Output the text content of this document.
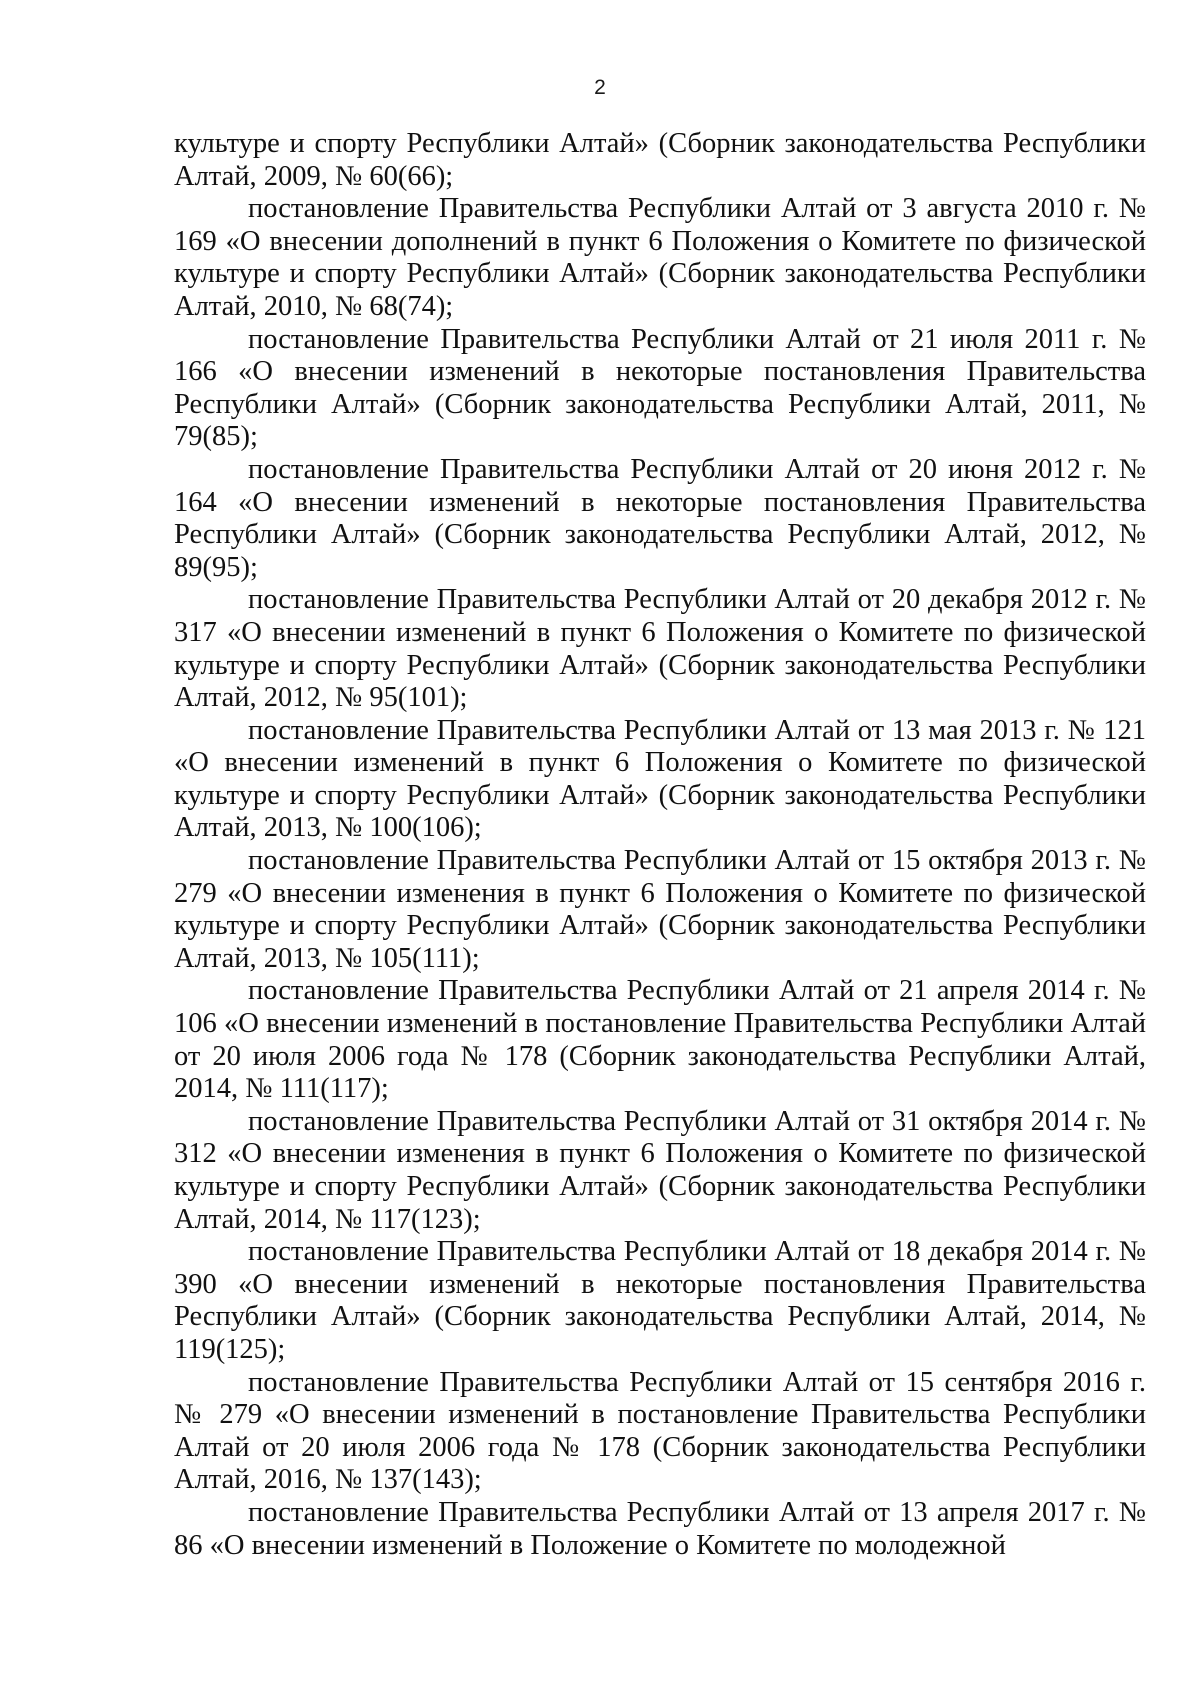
2

культуре и спорту Республики Алтай» (Сборник законодательства Республики Алтай, 2009, № 60(66);

постановление Правительства Республики Алтай от 3 августа 2010 г. № 169 «О внесении дополнений в пункт 6 Положения о Комитете по физической культуре и спорту Республики Алтай» (Сборник законодательства Республики Алтай, 2010, № 68(74);

постановление Правительства Республики Алтай от 21 июля 2011 г. № 166 «О внесении изменений в некоторые постановления Правительства Республики Алтай» (Сборник законодательства Республики Алтай, 2011, № 79(85);

постановление Правительства Республики Алтай от 20 июня 2012 г. № 164 «О внесении изменений в некоторые постановления Правительства Республики Алтай» (Сборник законодательства Республики Алтай, 2012, № 89(95);

постановление Правительства Республики Алтай от 20 декабря 2012 г. № 317 «О внесении изменений в пункт 6 Положения о Комитете по физической культуре и спорту Республики Алтай» (Сборник законодательства Республики Алтай, 2012, № 95(101);

постановление Правительства Республики Алтай от 13 мая 2013 г. № 121 «О внесении изменений в пункт 6 Положения о Комитете по физической культуре и спорту Республики Алтай» (Сборник законодательства Республики Алтай, 2013, № 100(106);

постановление Правительства Республики Алтай от 15 октября 2013 г. № 279 «О внесении изменения в пункт 6 Положения о Комитете по физической культуре и спорту Республики Алтай» (Сборник законодательства Республики Алтай, 2013, № 105(111);

постановление Правительства Республики Алтай от 21 апреля 2014 г. № 106 «О внесении изменений в постановление Правительства Республики Алтай от 20 июля 2006 года № 178 (Сборник законодательства Республики Алтай, 2014, № 111(117);

постановление Правительства Республики Алтай от 31 октября 2014 г. № 312 «О внесении изменения в пункт 6 Положения о Комитете по физической культуре и спорту Республики Алтай» (Сборник законодательства Республики Алтай, 2014, № 117(123);

постановление Правительства Республики Алтай от 18 декабря 2014 г. № 390 «О внесении изменений в некоторые постановления Правительства Республики Алтай» (Сборник законодательства Республики Алтай, 2014, № 119(125);

постановление Правительства Республики Алтай от 15 сентября 2016 г. № 279 «О внесении изменений в постановление Правительства Республики Алтай от 20 июля 2006 года № 178 (Сборник законодательства Республики Алтай, 2016, № 137(143);

постановление Правительства Республики Алтай от 13 апреля 2017 г. № 86 «О внесении изменений в Положение о Комитете по молодежной
